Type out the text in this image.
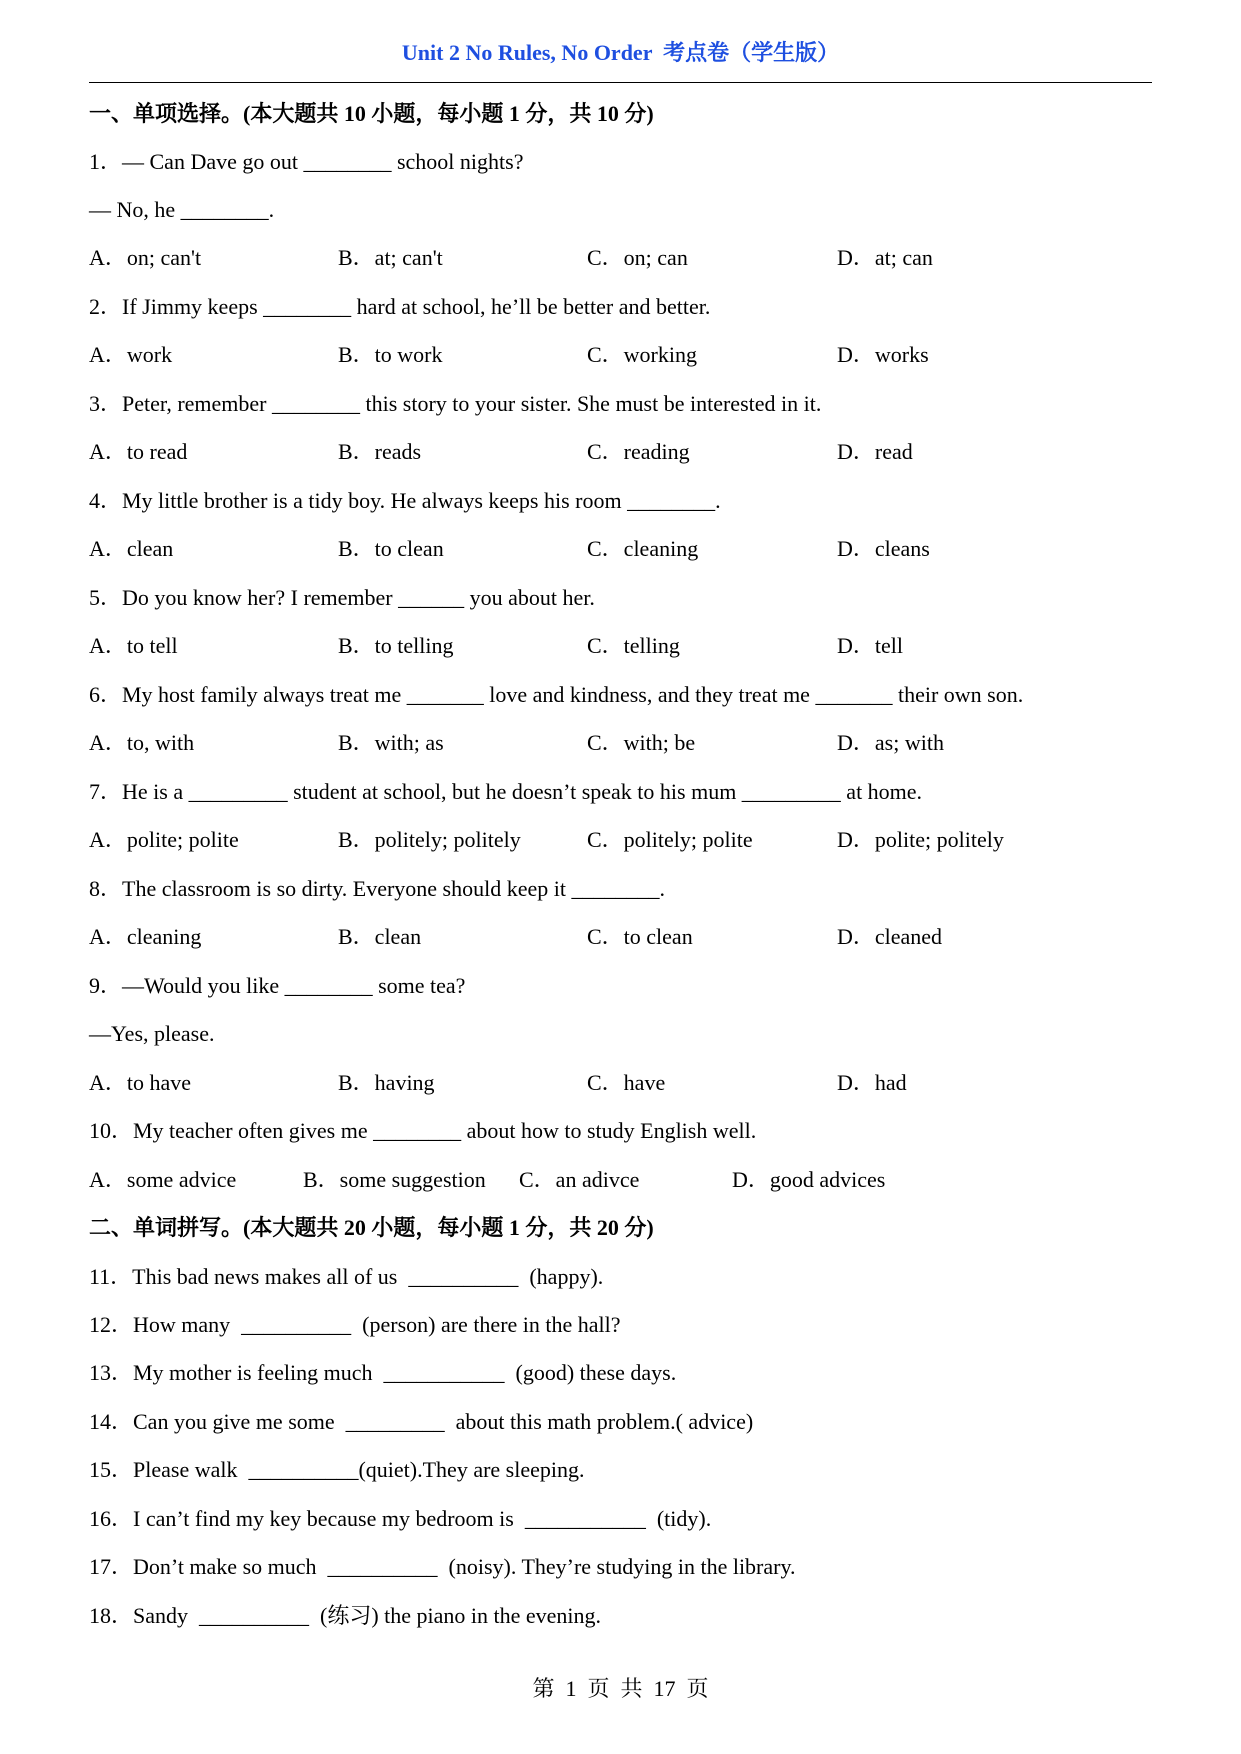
Unit 2 No Rules, No Order  考点卷（学生版）
一、单项选择。(本大题共 10 小题，每小题 1 分，共 10 分)
1．— Can Dave go out ________ school nights?
— No, he ________.
A．on; can't	B．at; can't	C．on; can	D．at; can
2．If Jimmy keeps ________ hard at school, he’ll be better and better.
A．work	B．to work	C．working	D．works
3．Peter, remember ________ this story to your sister. She must be interested in it.
A．to read	B．reads	C．reading	D．read
4．My little brother is a tidy boy. He always keeps his room ________.
A．clean	B．to clean	C．cleaning	D．cleans
5．Do you know her? I remember ______ you about her.
A．to tell	B．to telling	C．telling	D．tell
6．My host family always treat me _______ love and kindness, and they treat me _______ their own son.
A．to, with	B．with; as	C．with; be	D．as; with
7．He is a _________ student at school, but he doesn’t speak to his mum _________ at home.
A．polite; polite	B．politely; politely	C．politely; polite	D．polite; politely
8．The classroom is so dirty. Everyone should keep it ________.
A．cleaning	B．clean	C．to clean	D．cleaned
9．—Would you like ________ some tea?
—Yes, please.
A．to have	B．having	C．have	D．had
10．My teacher often gives me ________ about how to study English well.
A．some advice	B．some suggestion C．an adivce	D．good advices
二、单词拼写。(本大题共 20 小题，每小题 1 分，共 20 分)
11．This bad news makes all of us  __________  (happy).
12．How many  __________  (person) are there in the hall?
13．My mother is feeling much  ___________  (good) these days.
14．Can you give me some  _________  about this math problem.( advice)
15．Please walk  __________(quiet).They are sleeping.
16．I can’t find my key because my bedroom is  ___________  (tidy).
17．Don’t make so much  __________  (noisy). They’re studying in the library.
18．Sandy  __________  (练习) the piano in the evening.
第  1  页  共  17  页
